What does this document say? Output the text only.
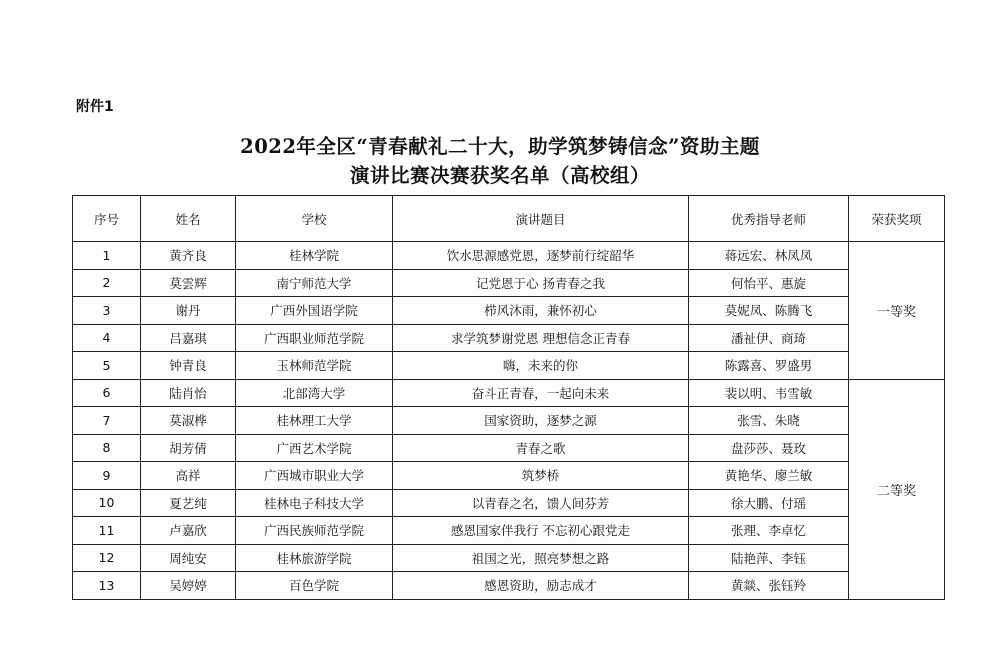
附件1
2022年全区“青春献礼二十大，助学筑梦铸信念”资助主题
演讲比赛决赛获奖名单（高校组）
序号	姓名	学校	演讲题目	优秀指导老师	荣获奖项
1	黄齐良	桂林学院	饮水思源感党恩，逐梦前行绽韶华	蒋远宏、林凤凤	一等奖
2	莫雲辉	南宁师范大学	记党恩于心 扬青春之我	何怡平、惠旋	
3	谢丹	广西外国语学院	栉风沐雨，兼怀初心	莫妮凤、陈腾飞	
4	吕嘉琪	广西职业师范学院	求学筑梦谢党恩 理想信念正青春	潘祉伊、商琦	
5	钟青良	玉林师范学院	嗨，未来的你	陈露喜、罗盛男	
6	陆肖怡	北部湾大学	奋斗正青春，一起向未来	裴以明、韦雪敏	二等奖
7	莫淑桦	桂林理工大学	国家资助，逐梦之源	张雪、朱晓	
8	胡芳倩	广西艺术学院	青春之歌	盘莎莎、聂玫	
9	高祥	广西城市职业大学	筑梦桥	黄艳华、廖兰敏	
10	夏艺纯	桂林电子科技大学	以青春之名，馈人间芬芳	徐大鹏、付瑶	
11	卢嘉欣	广西民族师范学院	感恩国家伴我行 不忘初心跟党走	张理、李卓忆	
12	周纯安	桂林旅游学院	祖国之光，照亮梦想之路	陆艳萍、李钰	
13	吴婷婷	百色学院	感恩资助，励志成才	黄燚、张钰羚	
